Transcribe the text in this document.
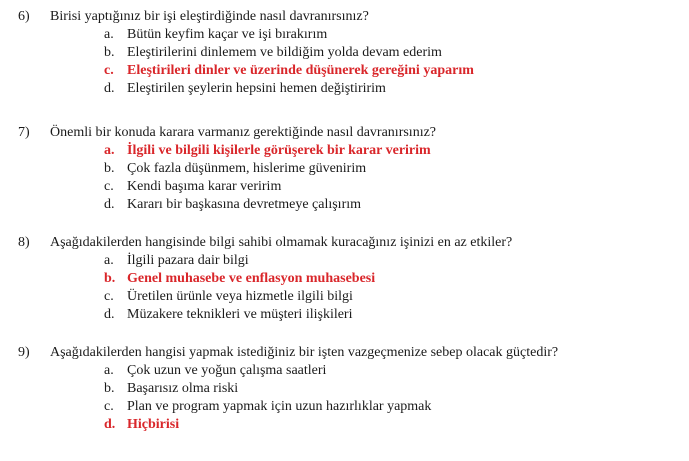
6)	Birisi yaptığınız bir işi eleştirdiğinde nasıl davranırsınız?
a. Bütün keyfim kaçar ve işi bırakırım
b. Eleştirilerini dinlemem ve bildiğim yolda devam ederim
c. Eleştirileri dinler ve üzerinde düşünerek gereğini yaparım
d. Eleştirilen şeylerin hepsini hemen değiştiririm
7)	Önemli bir konuda karara varmanız gerektiğinde nasıl davranırsınız?
a. İlgili ve bilgili kişilerle görüşerek bir karar veririm
b. Çok fazla düşünmem, hislerime güvenirim
c. Kendi başıma karar veririm
d. Kararı bir başkasına devretmeye çalışırım
8)	Aşağıdakilerden hangisinde bilgi sahibi olmamak kuracağınız işinizi en az etkiler?
a. İlgili pazara dair bilgi
b. Genel muhasebe ve enflasyon muhasebesi
c. Üretilen ürünle veya hizmetle ilgili bilgi
d. Müzakere teknikleri ve müşteri ilişkileri
9)	Aşağıdakilerden hangisi yapmak istediğiniz bir işten vazgeçmenize sebep olacak güçtedir?
a. Çok uzun ve yoğun çalışma saatleri
b. Başarısız olma riski
c. Plan ve program yapmak için uzun hazırlıklar yapmak
d. Hiçbirisi
